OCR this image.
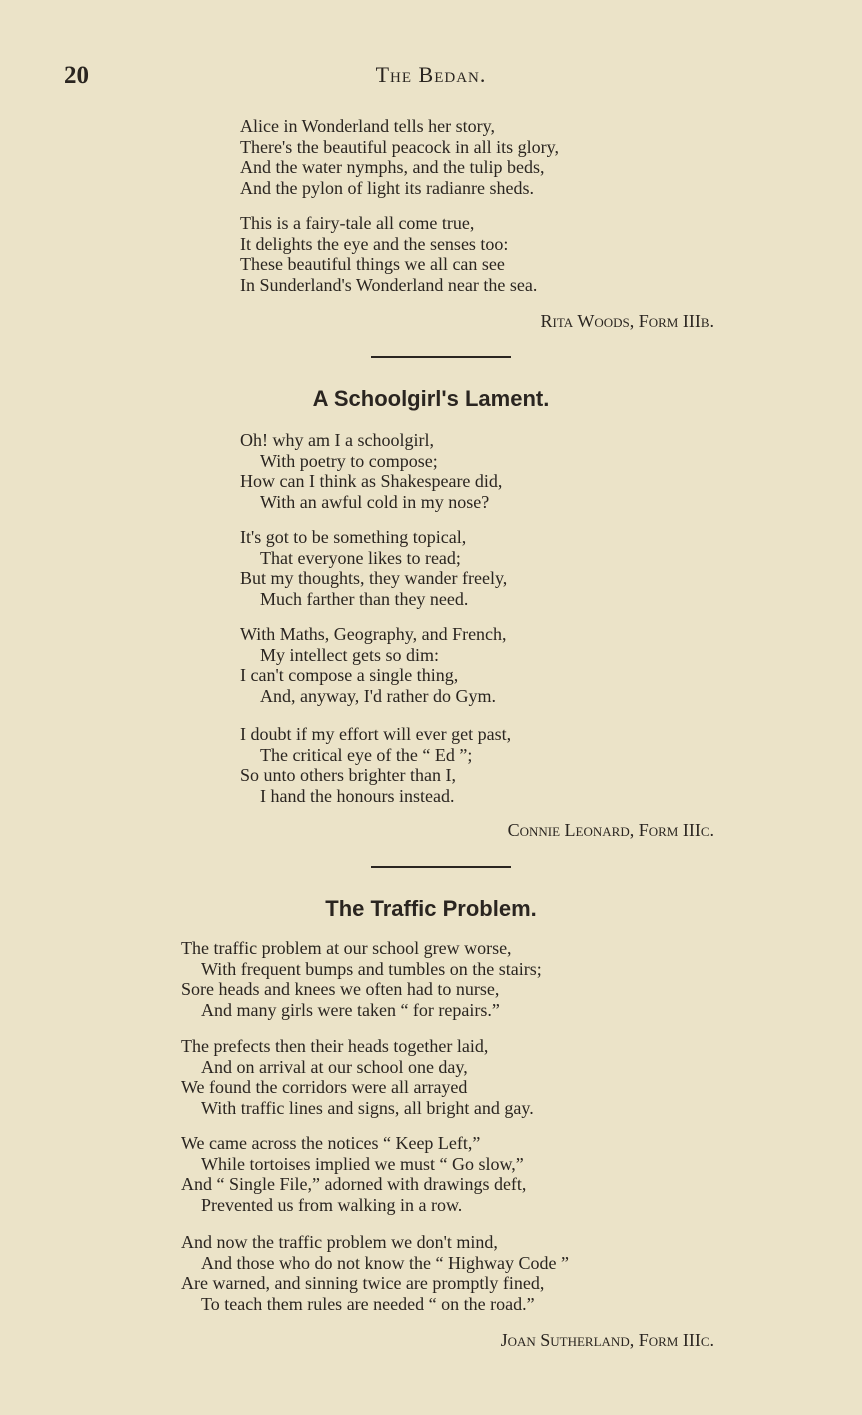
20	The Bedan.
Alice in Wonderland tells her story,
There's the beautiful peacock in all its glory,
And the water nymphs, and the tulip beds,
And the pylon of light its radianre sheds.
This is a fairy-tale all come true,
It delights the eye and the senses too:
These beautiful things we all can see
In Sunderland's Wonderland near the sea.
Rita Woods, Form IIIb.
A Schoolgirl's Lament.
Oh! why am I a schoolgirl,
With poetry to compose;
How can I think as Shakespeare did,
With an awful cold in my nose?
It's got to be something topical,
That everyone likes to read;
But my thoughts, they wander freely,
Much farther than they need.
With Maths, Geography, and French,
My intellect gets so dim:
I can't compose a single thing,
And, anyway, I'd rather do Gym.
I doubt if my effort will ever get past,
The critical eye of the “ Ed ”;
So unto others brighter than I,
I hand the honours instead.
Connie Leonard, Form IIIc.
The Traffic Problem.
The traffic problem at our school grew worse,
With frequent bumps and tumbles on the stairs;
Sore heads and knees we often had to nurse,
And many girls were taken “ for repairs.”
The prefects then their heads together laid,
And on arrival at our school one day,
We found the corridors were all arrayed
With traffic lines and signs, all bright and gay.
We came across the notices “ Keep Left,”
While tortoises implied we must “ Go slow,”
And “ Single File,” adorned with drawings deft,
Prevented us from walking in a row.
And now the traffic problem we don't mind,
And those who do not know the “ Highway Code ”
Are warned, and sinning twice are promptly fined,
To teach them rules are needed “ on the road.”
Joan Sutherland, Form IIIc.
